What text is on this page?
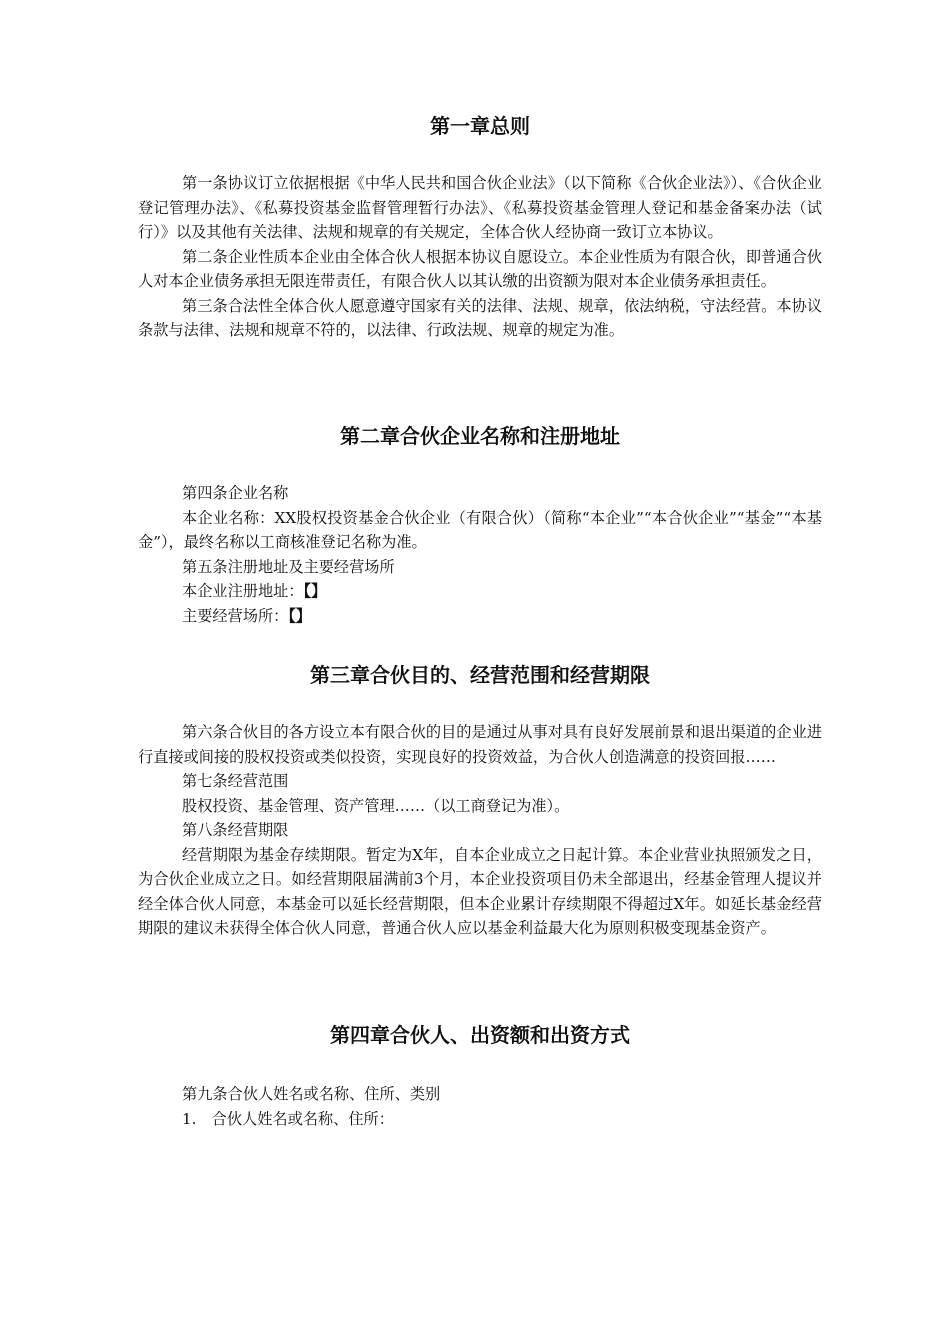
第一章总则

第一条协议订立依据根据《中华人民共和国合伙企业法》（以下简称《合伙企业法》）、《合伙企业登记管理办法》、《私募投资基金监督管理暂行办法》、《私募投资基金管理人登记和基金备案办法（试行）》以及其他有关法律、法规和规章的有关规定，全体合伙人经协商一致订立本协议。

第二条企业性质本企业由全体合伙人根据本协议自愿设立。本企业性质为有限合伙，即普通合伙人对本企业债务承担无限连带责任，有限合伙人以其认缴的出资额为限对本企业债务承担责任。

第三条合法性全体合伙人愿意遵守国家有关的法律、法规、规章，依法纳税，守法经营。本协议条款与法律、法规和规章不符的，以法律、行政法规、规章的规定为准。

第二章合伙企业名称和注册地址

第四条企业名称

本企业名称：XX股权投资基金合伙企业（有限合伙）（简称“本企业”“本合伙企业”“基金”“本基金”），最终名称以工商核准登记名称为准。

第五条注册地址及主要经营场所

本企业注册地址：【】

主要经营场所：【】

第三章合伙目的、经营范围和经营期限

第六条合伙目的各方设立本有限合伙的目的是通过从事对具有良好发展前景和退出渠道的企业进行直接或间接的股权投资或类似投资，实现良好的投资效益，为合伙人创造满意的投资回报……

第七条经营范围

股权投资、基金管理、资产管理……（以工商登记为准）。

第八条经营期限

经营期限为基金存续期限。暂定为X年，自本企业成立之日起计算。本企业营业执照颁发之日，为合伙企业成立之日。如经营期限届满前3个月，本企业投资项目仍未全部退出，经基金管理人提议并经全体合伙人同意，本基金可以延长经营期限，但本企业累计存续期限不得超过X年。如延长基金经营期限的建议未获得全体合伙人同意，普通合伙人应以基金利益最大化为原则积极变现基金资产。

第四章合伙人、出资额和出资方式

第九条合伙人姓名或名称、住所、类别

1.　合伙人姓名或名称、住所：
